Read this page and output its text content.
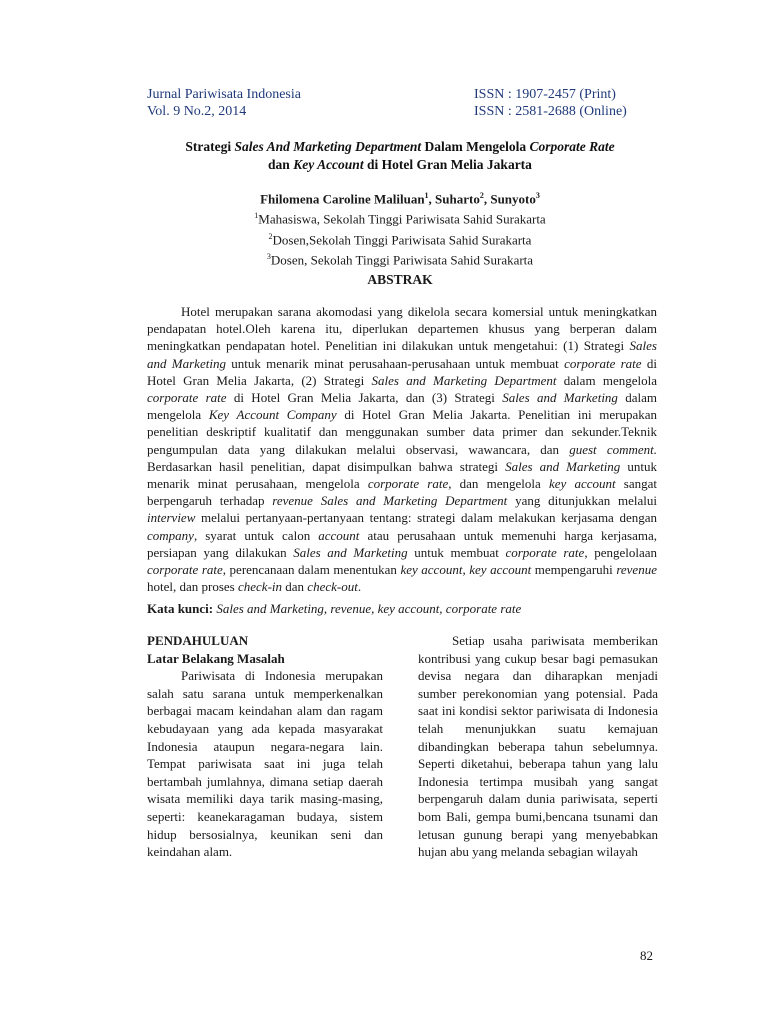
Jurnal Pariwisata Indonesia
Vol. 9 No.2, 2014
ISSN : 1907-2457 (Print)
ISSN : 2581-2688 (Online)
Strategi Sales And Marketing Department Dalam Mengelola Corporate Rate
dan Key Account di Hotel Gran Melia Jakarta
Fhilomena Caroline Maliluan$^1$, Suharto$^2$, Sunyoto$^3$
$^1$Mahasiswa, Sekolah Tinggi Pariwisata Sahid Surakarta
$^2$Dosen,Sekolah Tinggi Pariwisata Sahid Surakarta
$^3$Dosen, Sekolah Tinggi Pariwisata Sahid Surakarta
ABSTRAK

Hotel merupakan sarana akomodasi yang dikelola secara komersial untuk meningkatkan pendapatan hotel.Oleh karena itu, diperlukan departemen khusus yang berperan dalam meningkatkan pendapatan hotel. Penelitian ini dilakukan untuk mengetahui: (1) Strategi Sales and Marketing untuk menarik minat perusahaan-perusahaan untuk membuat corporate rate di Hotel Gran Melia Jakarta, (2) Strategi Sales and Marketing Department dalam mengelola corporate rate di Hotel Gran Melia Jakarta, dan (3) Strategi Sales and Marketing dalam mengelola Key Account Company di Hotel Gran Melia Jakarta. Penelitian ini merupakan penelitian deskriptif kualitatif dan menggunakan sumber data primer dan sekunder.Teknik pengumpulan data yang dilakukan melalui observasi, wawancara, dan guest comment. Berdasarkan hasil penelitian, dapat disimpulkan bahwa strategi Sales and Marketing untuk menarik minat perusahaan, mengelola corporate rate, dan mengelola key account sangat berpengaruh terhadap revenue Sales and Marketing Department yang ditunjukkan melalui interview melalui pertanyaan-pertanyaan tentang: strategi dalam melakukan kerjasama dengan company, syarat untuk calon account atau perusahaan untuk memenuhi harga kerjasama, persiapan yang dilakukan Sales and Marketing untuk membuat corporate rate, pengelolaan corporate rate, perencanaan dalam menentukan key account, key account mempengaruhi revenue hotel, dan proses check-in dan check-out.

Kata kunci: Sales and Marketing, revenue, key account, corporate rate
PENDAHULUAN
Latar Belakang Masalah

Pariwisata di Indonesia merupakan salah satu sarana untuk memperkenalkan berbagai macam keindahan alam dan ragam kebudayaan yang ada kepada masyarakat Indonesia ataupun negara-negara lain. Tempat pariwisata saat ini juga telah bertambah jumlahnya, dimana setiap daerah wisata memiliki daya tarik masing-masing, seperti: keanekaragaman budaya, sistem hidup bersosialnya, keunikan seni dan keindahan alam.

Setiap usaha pariwisata memberikan kontribusi yang cukup besar bagi pemasukan devisa negara dan diharapkan menjadi sumber perekonomian yang potensial. Pada saat ini kondisi sektor pariwisata di Indonesia telah menunjukkan suatu kemajuan dibandingkan beberapa tahun sebelumnya. Seperti diketahui, beberapa tahun yang lalu Indonesia tertimpa musibah yang sangat berpengaruh dalam dunia pariwisata, seperti bom Bali, gempa bumi,bencana tsunami dan letusan gunung berapi yang menyebabkan hujan abu yang melanda sebagian wilayah

82
